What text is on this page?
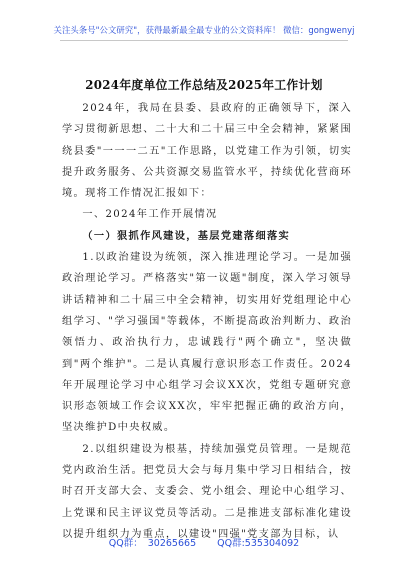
关注头条号"公文研究"，获得最新最全最专业的公文资料库！ 微信：gongwenyj
2024年度单位工作总结及2025年工作计划

2024年，我局在县委、县政府的正确领导下，深入学习贯彻新思想、二十大和二十届三中全会精神，紧紧围绕县委"一一一二五"工作思路，以党建工作为引领，切实提升政务服务、公共资源交易监管水平，持续优化营商环境。现将工作情况汇报如下：

一、2024年工作开展情况

（一）狠抓作风建设，基层党建落细落实

1.以政治建设为统领，深入推进理论学习。一是加强政治理论学习。严格落实"第一议题"制度，深入学习领导讲话精神和二十届三中全会精神，切实用好党组理论中心组学习、"学习强国"等载体，不断提高政治判断力、政治领悟力、政治执行力，忠诚践行"两个确立"，坚决做到"两个维护"。二是认真履行意识形态工作责任。2024年开展理论学习中心组学习会议XX次，党组专题研究意识形态领域工作会议XX次，牢牢把握正确的政治方向，坚决维护D中央权威。

2.以组织建设为根基，持续加强党员管理。一是规范党内政治生活。把党员大会与每月集中学习日相结合，按时召开支部大会、支委会、党小组会、理论中心组学习、上党课和民主评议党员等活动。二是推进支部标准化建设以提升组织力为重点，以建设"四强"党支部为目标，认

QQ群： 30265665 QQ群:535304092
